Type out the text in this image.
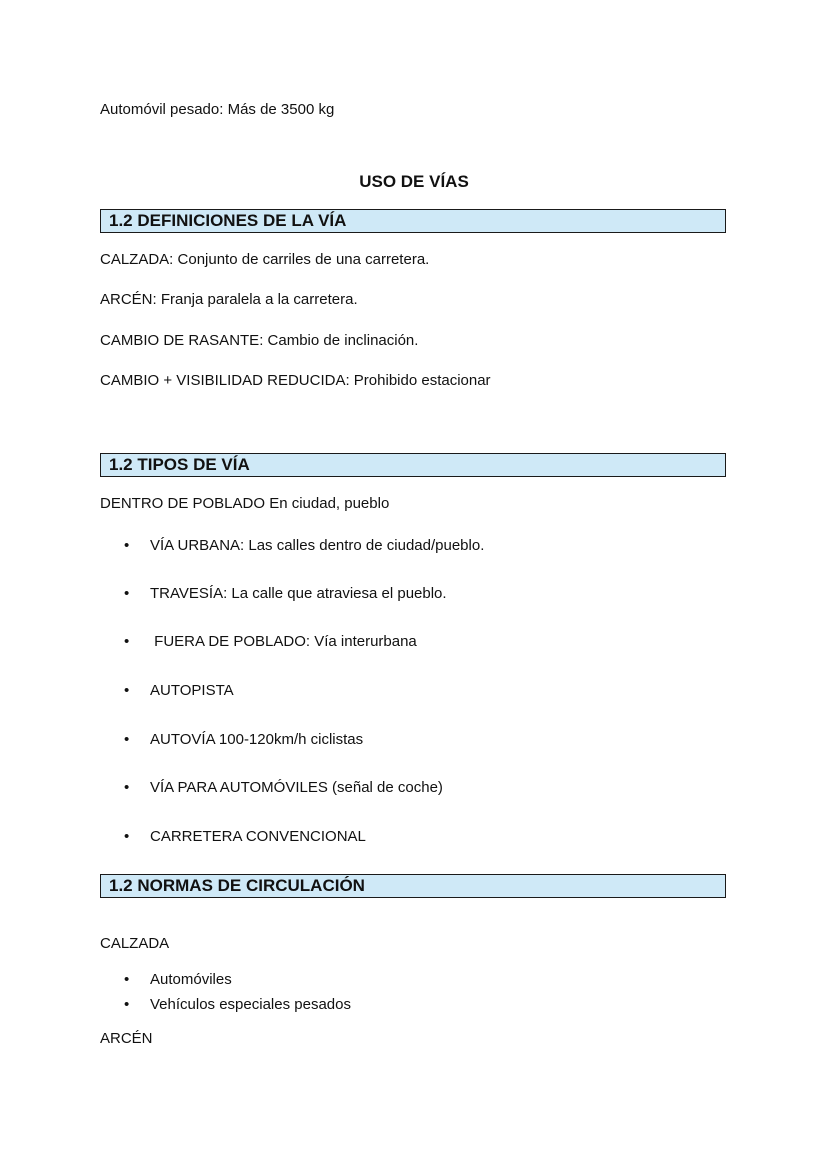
Automóvil pesado: Más de 3500 kg
USO DE VÍAS
1.2 DEFINICIONES DE LA VÍA
CALZADA: Conjunto de carriles de una carretera.
ARCÉN: Franja paralela a la carretera.
CAMBIO DE RASANTE: Cambio de inclinación.
CAMBIO + VISIBILIDAD REDUCIDA: Prohibido estacionar
1.2 TIPOS DE VÍA
DENTRO DE POBLADO En ciudad, pueblo
• VÍA URBANA: Las calles dentro de ciudad/pueblo.
• TRAVESÍA: La calle que atraviesa el pueblo.
• FUERA DE POBLADO: Vía interurbana
• AUTOPISTA
• AUTOVÍA 100-120km/h ciclistas
• VÍA PARA AUTOMÓVILES (señal de coche)
• CARRETERA CONVENCIONAL
1.2 NORMAS DE CIRCULACIÓN
CALZADA
• Automóviles
• Vehículos especiales pesados
ARCÉN
